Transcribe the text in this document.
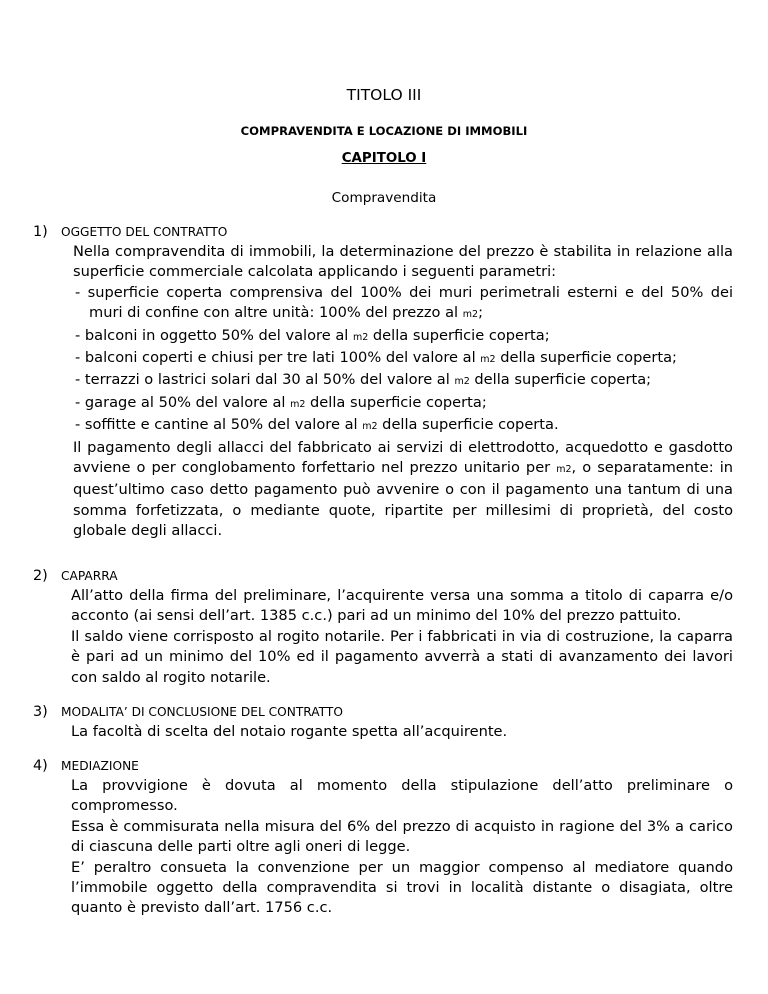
TITOLO III
COMPRAVENDITA E LOCAZIONE DI IMMOBILI
CAPITOLO I
Compravendita
1) OGGETTO DEL CONTRATTO
Nella compravendita di immobili, la determinazione del prezzo è stabilita in relazione alla superficie commerciale calcolata applicando i seguenti parametri:
- superficie coperta comprensiva del 100% dei muri perimetrali esterni e del 50% dei muri di confine con altre unità: 100% del prezzo al m2;
- balconi in oggetto 50% del valore al m2 della superficie coperta;
- balconi coperti e chiusi per tre lati 100% del valore al m2 della superficie coperta;
- terrazzi o lastrici solari dal 30 al 50% del valore al m2 della superficie coperta;
- garage al 50% del valore al m2 della superficie coperta;
- soffitte e cantine al 50% del valore al m2 della superficie coperta.
Il pagamento degli allacci del fabbricato ai servizi di elettrodotto, acquedotto e gasdotto avviene o per conglobamento forfettario nel prezzo unitario per m2, o separatamente: in quest’ultimo caso detto pagamento può avvenire o con il pagamento una tantum di una somma forfetizzata, o mediante quote, ripartite per millesimi di proprietà, del costo globale degli allacci.
2) CAPARRA
All’atto della firma del preliminare, l’acquirente versa una somma a titolo di caparra e/o acconto (ai sensi dell’art. 1385 c.c.) pari ad un minimo del 10% del prezzo pattuito.
Il saldo viene corrisposto al rogito notarile. Per i fabbricati in via di costruzione, la caparra è pari ad un minimo del 10% ed il pagamento avverrà a stati di avanzamento dei lavori con saldo al rogito notarile.
3) MODALITA’ DI CONCLUSIONE DEL CONTRATTO
La facoltà di scelta del notaio rogante spetta all’acquirente.
4) MEDIAZIONE
La provvigione è dovuta al momento della stipulazione dell’atto preliminare o compromesso.
Essa è commisurata nella misura del 6% del prezzo di acquisto in ragione del 3% a carico di ciascuna delle parti oltre agli oneri di legge.
E’ peraltro consueta la convenzione per un maggior compenso al mediatore quando l’immobile oggetto della compravendita si trovi in località distante o disagiata, oltre quanto è previsto dall’art. 1756 c.c.
